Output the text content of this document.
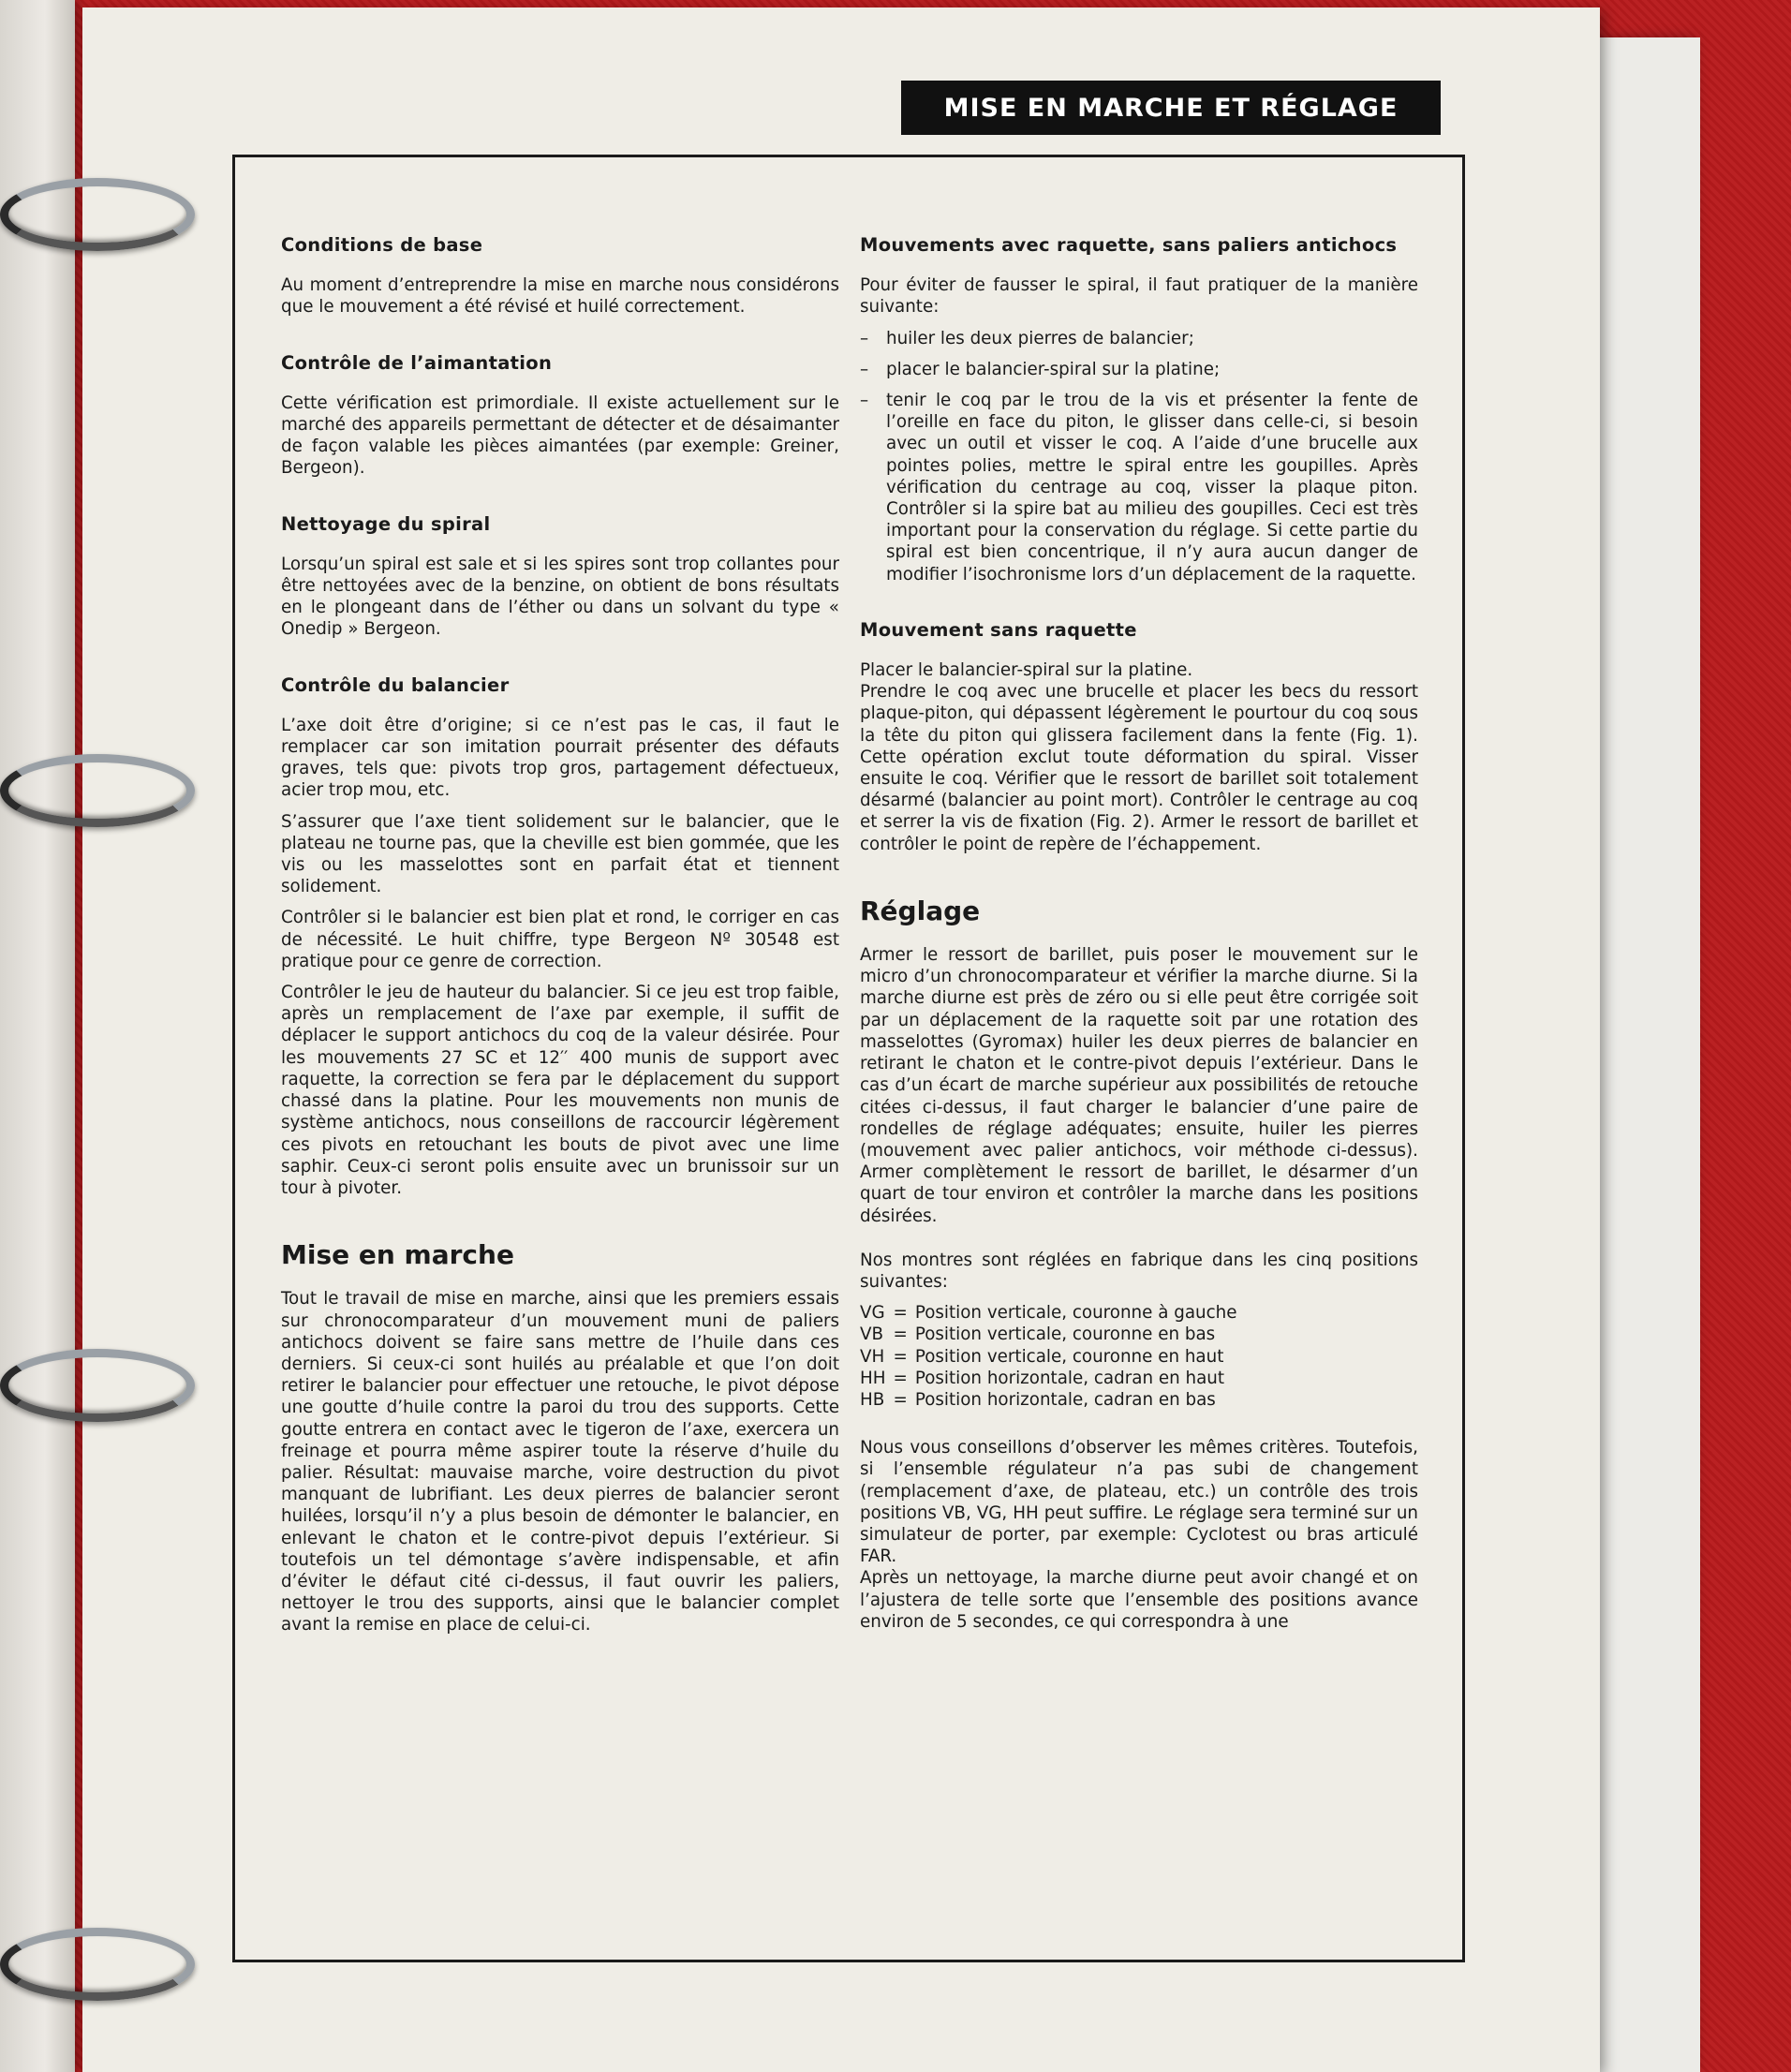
MISE EN MARCHE ET RÉGLAGE
Conditions de base

Au moment d’entreprendre la mise en marche nous considérons que le mouvement a été révisé et huilé correctement.

Contrôle de l’aimantation

Cette vérification est primordiale. Il existe actuellement sur le marché des appareils permettant de détecter et de désaimanter de façon valable les pièces aimantées (par exemple: Greiner, Bergeon).

Nettoyage du spiral

Lorsqu’un spiral est sale et si les spires sont trop collantes pour être nettoyées avec de la benzine, on obtient de bons résultats en le plongeant dans de l’éther ou dans un solvant du type « Onedip » Bergeon.

Contrôle du balancier

L’axe doit être d’origine; si ce n’est pas le cas, il faut le remplacer car son imitation pourrait présenter des défauts graves, tels que: pivots trop gros, partagement défectueux, acier trop mou, etc.

S’assurer que l’axe tient solidement sur le balancier, que le plateau ne tourne pas, que la cheville est bien gommée, que les vis ou les masselottes sont en parfait état et tiennent solidement.

Contrôler si le balancier est bien plat et rond, le corriger en cas de nécessité. Le huit chiffre, type Bergeon Nº 30548 est pratique pour ce genre de correction.

Contrôler le jeu de hauteur du balancier. Si ce jeu est trop faible, après un remplacement de l’axe par exemple, il suffit de déplacer le support antichocs du coq de la valeur désirée. Pour les mouvements 27 SC et 12′′ 400 munis de support avec raquette, la correction se fera par le déplacement du support chassé dans la platine. Pour les mouvements non munis de système antichocs, nous conseillons de raccourcir légèrement ces pivots en retouchant les bouts de pivot avec une lime saphir. Ceux-ci seront polis ensuite avec un brunissoir sur un tour à pivoter.

Mise en marche

Tout le travail de mise en marche, ainsi que les premiers essais sur chronocomparateur d’un mouvement muni de paliers antichocs doivent se faire sans mettre de l’huile dans ces derniers. Si ceux-ci sont huilés au préalable et que l’on doit retirer le balancier pour effectuer une retouche, le pivot dépose une goutte d’huile contre la paroi du trou des supports. Cette goutte entrera en contact avec le tigeron de l’axe, exercera un freinage et pourra même aspirer toute la réserve d’huile du palier. Résultat: mauvaise marche, voire destruction du pivot manquant de lubrifiant. Les deux pierres de balancier seront huilées, lorsqu’il n’y a plus besoin de démonter le balancier, en enlevant le chaton et le contre-pivot depuis l’extérieur. Si toutefois un tel démontage s’avère indispensable, et afin d’éviter le défaut cité ci-dessus, il faut ouvrir les paliers, nettoyer le trou des supports, ainsi que le balancier complet avant la remise en place de celui-ci.

Mouvements avec raquette, sans paliers antichocs

Pour éviter de fausser le spiral, il faut pratiquer de la manière suivante:

– huiler les deux pierres de balancier;
– placer le balancier-spiral sur la platine;
– tenir le coq par le trou de la vis et présenter la fente de l’oreille en face du piton, le glisser dans celle-ci, si besoin avec un outil et visser le coq. A l’aide d’une brucelle aux pointes polies, mettre le spiral entre les goupilles. Après vérification du centrage au coq, visser la plaque piton. Contrôler si la spire bat au milieu des goupilles. Ceci est très important pour la conservation du réglage. Si cette partie du spiral est bien concentrique, il n’y aura aucun danger de modifier l’isochronisme lors d’un déplacement de la raquette.
Mouvement sans raquette

Placer le balancier-spiral sur la platine.

Prendre le coq avec une brucelle et placer les becs du ressort plaque-piton, qui dépassent légèrement le pourtour du coq sous la tête du piton qui glissera facilement dans la fente (Fig. 1). Cette opération exclut toute déformation du spiral. Visser ensuite le coq. Vérifier que le ressort de barillet soit totalement désarmé (balancier au point mort). Contrôler le centrage au coq et serrer la vis de fixation (Fig. 2). Armer le ressort de barillet et contrôler le point de repère de l’échappement.

Réglage

Armer le ressort de barillet, puis poser le mouvement sur le micro d’un chronocomparateur et vérifier la marche diurne. Si la marche diurne est près de zéro ou si elle peut être corrigée soit par un déplacement de la raquette soit par une rotation des masselottes (Gyromax) huiler les deux pierres de balancier en retirant le chaton et le contre-pivot depuis l’extérieur. Dans le cas d’un écart de marche supérieur aux possibilités de retouche citées ci-dessus, il faut charger le balancier d’une paire de rondelles de réglage adéquates; ensuite, huiler les pierres (mouvement avec palier antichocs, voir méthode ci-dessus). Armer complètement le ressort de barillet, le désarmer d’un quart de tour environ et contrôler la marche dans les positions désirées.

Nos montres sont réglées en fabrique dans les cinq positions suivantes:

VG	=	Position verticale, couronne à gauche
VB	=	Position verticale, couronne en bas
VH	=	Position verticale, couronne en haut
HH	=	Position horizontale, cadran en haut
HB	=	Position horizontale, cadran en bas

Nous vous conseillons d’observer les mêmes critères. Toutefois, si l’ensemble régulateur n’a pas subi de changement (remplacement d’axe, de plateau, etc.) un contrôle des trois positions VB, VG, HH peut suffire. Le réglage sera terminé sur un simulateur de porter, par exemple: Cyclotest ou bras articulé FAR.

Après un nettoyage, la marche diurne peut avoir changé et on l’ajustera de telle sorte que l’ensemble des positions avance environ de 5 secondes, ce qui correspondra à une
